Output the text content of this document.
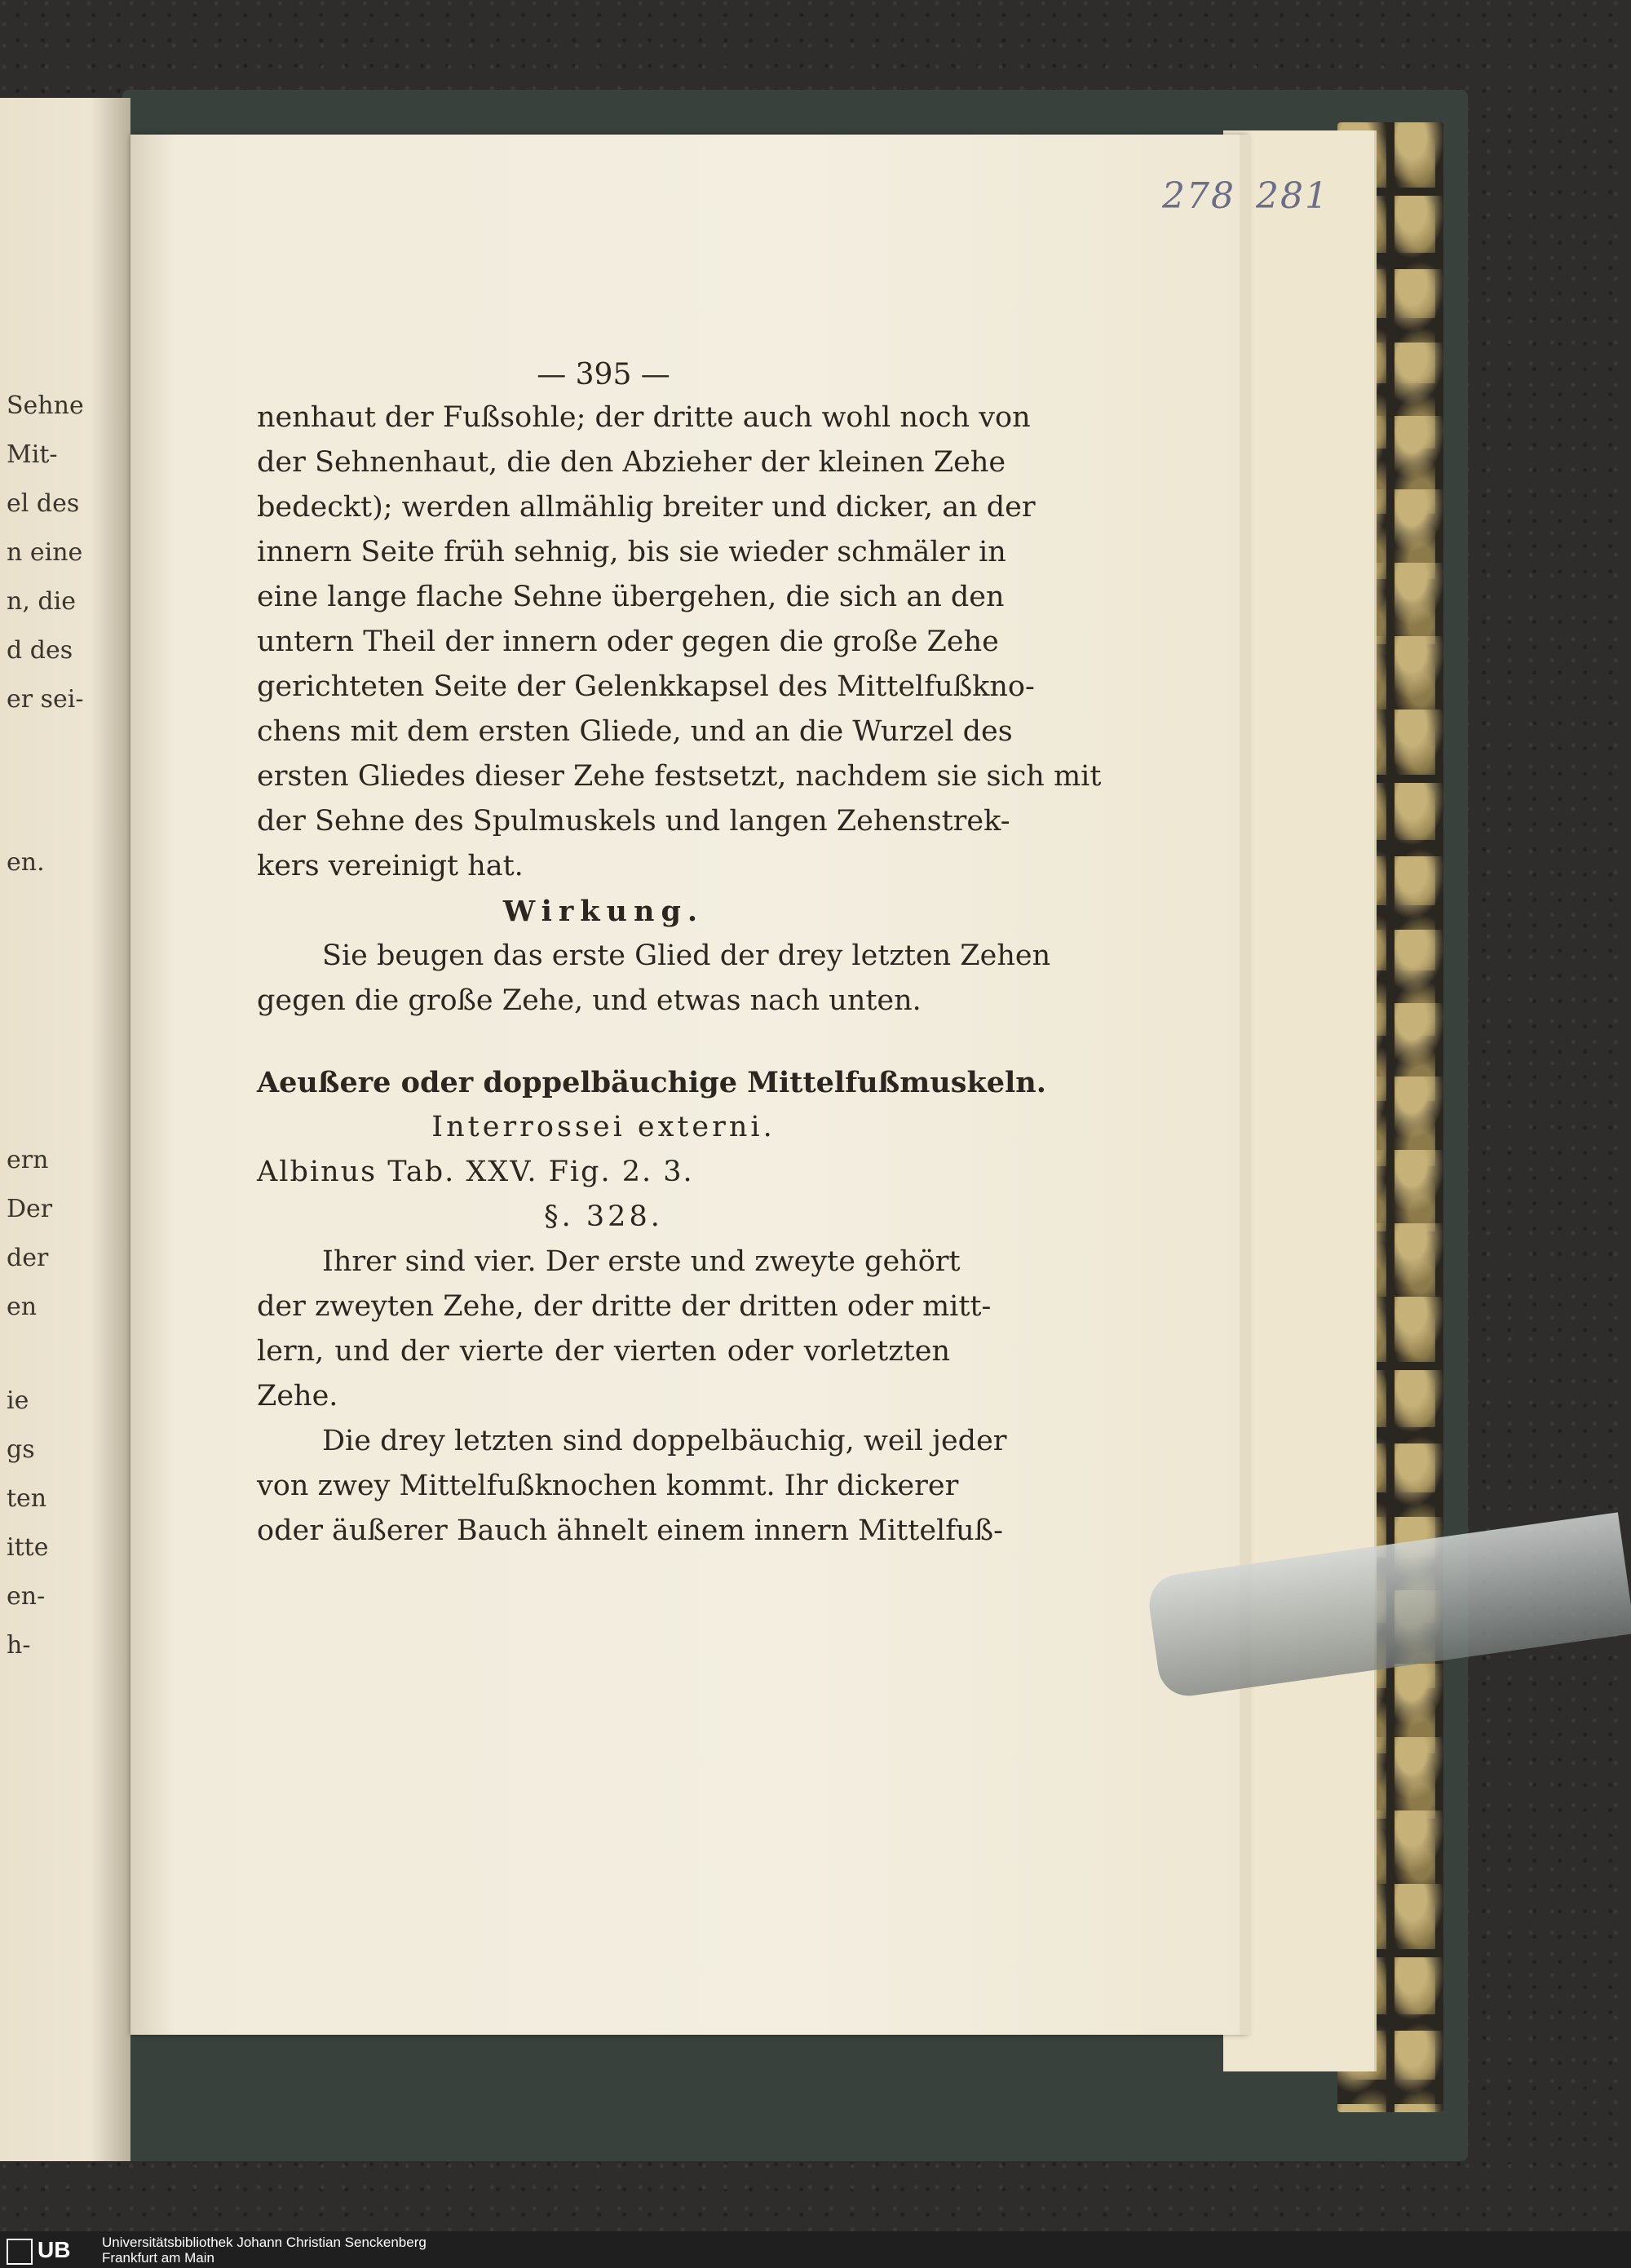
Sehne
Mit-
el des
n eine
n, die
d des
er sei-
en.
ern
Der
der
en
ie
gs
ten
itte
en-
h-
278 281
— 395 —
nenhaut der Fußsohle; der dritte auch wohl noch von
der Sehnenhaut, die den Abzieher der kleinen Zehe
bedeckt); werden allmählig breiter und dicker, an der
innern Seite früh sehnig, bis sie wieder schmäler in
eine lange flache Sehne übergehen, die sich an den
untern Theil der innern oder gegen die große Zehe
gerichteten Seite der Gelenkkapsel des Mittelfußkno-
chens mit dem ersten Gliede, und an die Wurzel des
ersten Gliedes dieser Zehe festsetzt, nachdem sie sich mit
der Sehne des Spulmuskels und langen Zehenstrek-
kers vereinigt hat.
Wirkung.
Sie beugen das erste Glied der drey letzten Zehen
gegen die große Zehe, und etwas nach unten.
Aeußere oder doppelbäuchige Mittelfußmuskeln.
Interrossei externi.
Albinus Tab. XXV. Fig. 2. 3.
§. 328.
Ihrer sind vier. Der erste und zweyte gehört
der zweyten Zehe, der dritte der dritten oder mitt-
lern, und der vierte der vierten oder vorletzten
Zehe.
Die drey letzten sind doppelbäuchig, weil jeder
von zwey Mittelfußknochen kommt. Ihr dickerer
oder äußerer Bauch ähnelt einem innern Mittelfuß-
UB Universitätsbibliothek Johann Christian Senckenberg
Frankfurt am Main
